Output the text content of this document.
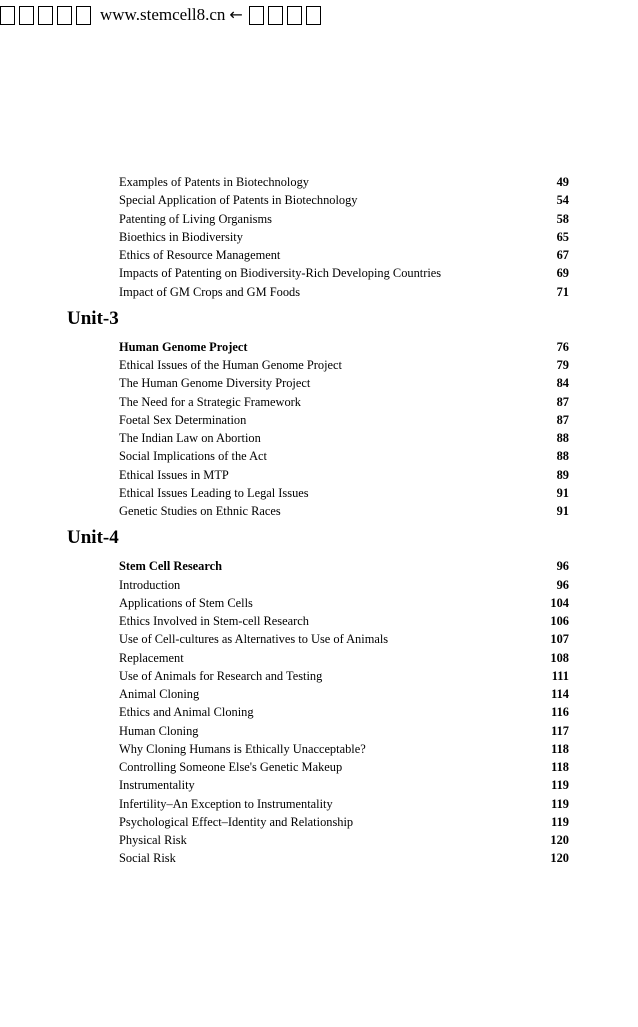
www.stemcell8.cn ←
Examples of Patents in Biotechnology	49
Special Application of Patents in Biotechnology	54
Patenting of Living Organisms	58
Bioethics in Biodiversity	65
Ethics of Resource Management	67
Impacts of Patenting on Biodiversity-Rich Developing Countries	69
Impact of GM Crops and GM Foods	71
Unit-3
Human Genome Project	76
Ethical Issues of the Human Genome Project	79
The Human Genome Diversity Project	84
The Need for a Strategic Framework	87
Foetal Sex Determination	87
The Indian Law on Abortion	88
Social Implications of the Act	88
Ethical Issues in MTP	89
Ethical Issues Leading to Legal Issues	91
Genetic Studies on Ethnic Races	91
Unit-4
Stem Cell Research	96
Introduction	96
Applications of Stem Cells	104
Ethics Involved in Stem-cell Research	106
Use of Cell-cultures as Alternatives to Use of Animals	107
Replacement	108
Use of Animals for Research and Testing	111
Animal Cloning	114
Ethics and Animal Cloning	116
Human Cloning	117
Why Cloning Humans is Ethically Unacceptable?	118
Controlling Someone Else's Genetic Makeup	118
Instrumentality	119
Infertility–An Exception to Instrumentality	119
Psychological Effect–Identity and Relationship	119
Physical Risk	120
Social Risk	120
